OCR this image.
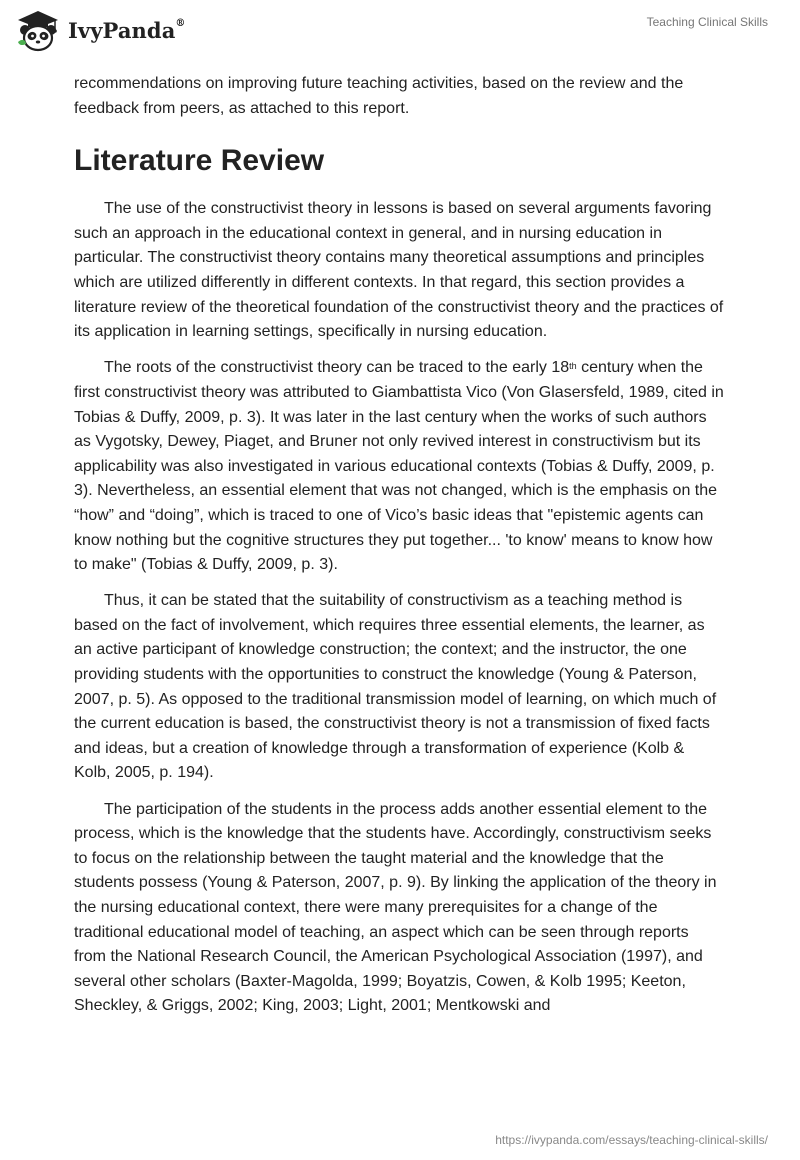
IvyPanda®	Teaching Clinical Skills

recommendations on improving future teaching activities, based on the review and the feedback from peers, as attached to this report.

Literature Review

The use of the constructivist theory in lessons is based on several arguments favoring such an approach in the educational context in general, and in nursing education in particular. The constructivist theory contains many theoretical assumptions and principles which are utilized differently in different contexts. In that regard, this section provides a literature review of the theoretical foundation of the constructivist theory and the practices of its application in learning settings, specifically in nursing education.

The roots of the constructivist theory can be traced to the early 18th century when the first constructivist theory was attributed to Giambattista Vico (Von Glasersfeld, 1989, cited in Tobias & Duffy, 2009, p. 3). It was later in the last century when the works of such authors as Vygotsky, Dewey, Piaget, and Bruner not only revived interest in constructivism but its applicability was also investigated in various educational contexts (Tobias & Duffy, 2009, p. 3). Nevertheless, an essential element that was not changed, which is the emphasis on the “how” and “doing”, which is traced to one of Vico’s basic ideas that "epistemic agents can know nothing but the cognitive structures they put together... 'to know' means to know how to make" (Tobias & Duffy, 2009, p. 3).

Thus, it can be stated that the suitability of constructivism as a teaching method is based on the fact of involvement, which requires three essential elements, the learner, as an active participant of knowledge construction; the context; and the instructor, the one providing students with the opportunities to construct the knowledge (Young & Paterson, 2007, p. 5). As opposed to the traditional transmission model of learning, on which much of the current education is based, the constructivist theory is not a transmission of fixed facts and ideas, but a creation of knowledge through a transformation of experience (Kolb & Kolb, 2005, p. 194).

The participation of the students in the process adds another essential element to the process, which is the knowledge that the students have. Accordingly, constructivism seeks to focus on the relationship between the taught material and the knowledge that the students possess (Young & Paterson, 2007, p. 9). By linking the application of the theory in the nursing educational context, there were many prerequisites for a change of the traditional educational model of teaching, an aspect which can be seen through reports from the National Research Council, the American Psychological Association (1997), and several other scholars (Baxter-Magolda, 1999; Boyatzis, Cowen, & Kolb 1995; Keeton, Sheckley, & Griggs, 2002; King, 2003; Light, 2001; Mentkowski and

https://ivypanda.com/essays/teaching-clinical-skills/
